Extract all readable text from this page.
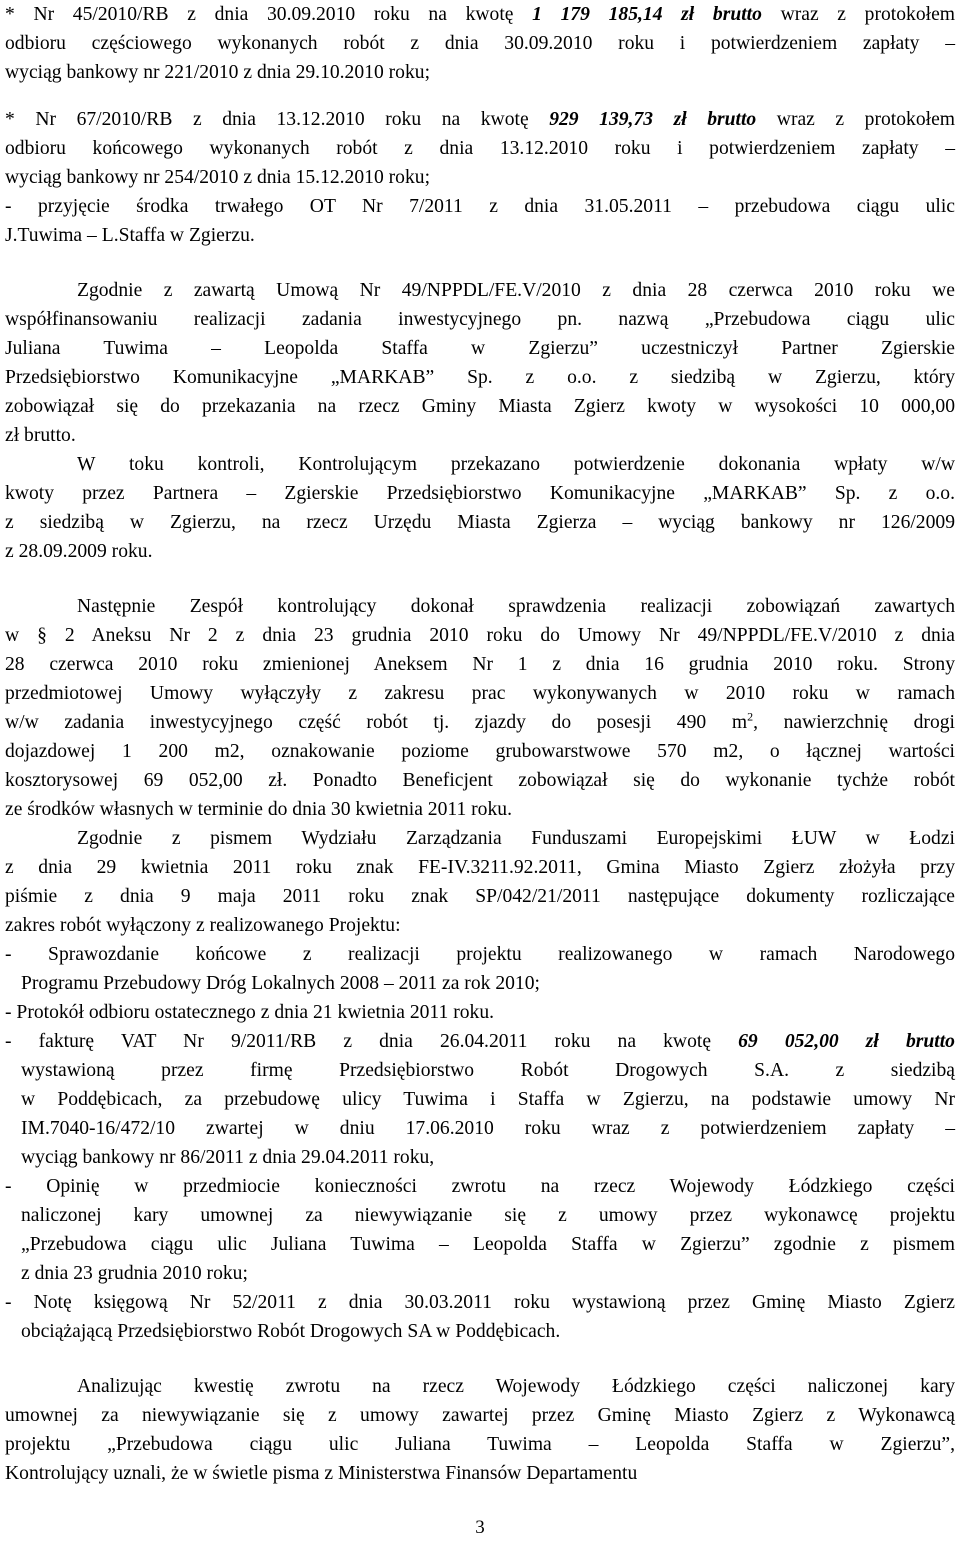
* Nr 45/2010/RB z dnia 30.09.2010 roku na kwotę 1 179 185,14 zł brutto wraz z protokołem
odbioru częściowego wykonanych robót z dnia 30.09.2010 roku i potwierdzeniem zapłaty –
wyciąg bankowy nr 221/2010 z dnia 29.10.2010 roku;
* Nr 67/2010/RB z dnia 13.12.2010 roku na kwotę 929 139,73 zł brutto wraz z protokołem
odbioru końcowego wykonanych robót z dnia 13.12.2010 roku i potwierdzeniem zapłaty –
wyciąg bankowy nr 254/2010 z dnia 15.12.2010 roku;
- przyjęcie środka trwałego OT Nr 7/2011 z dnia 31.05.2011 – przebudowa ciągu ulic
J.Tuwima – L.Staffa w Zgierzu.
Zgodnie z zawartą Umową Nr 49/NPPDL/FE.V/2010 z dnia 28 czerwca 2010 roku we
współfinansowaniu realizacji zadania inwestycyjnego pn. nazwą „Przebudowa ciągu ulic
Juliana Tuwima – Leopolda Staffa w Zgierzu” uczestniczył Partner Zgierskie
Przedsiębiorstwo Komunikacyjne „MARKAB” Sp. z o.o. z siedzibą w Zgierzu, który
zobowiązał się do przekazania na rzecz Gminy Miasta Zgierz kwoty w wysokości 10 000,00
zł brutto.
W toku kontroli, Kontrolującym przekazano potwierdzenie dokonania wpłaty w/w
kwoty przez Partnera – Zgierskie Przedsiębiorstwo Komunikacyjne „MARKAB” Sp. z o.o.
z siedzibą w Zgierzu, na rzecz Urzędu Miasta Zgierza – wyciąg bankowy nr 126/2009
z 28.09.2009 roku.
Następnie Zespół kontrolujący dokonał sprawdzenia realizacji zobowiązań zawartych
w § 2 Aneksu Nr 2 z dnia 23 grudnia 2010 roku do Umowy Nr 49/NPPDL/FE.V/2010 z dnia
28 czerwca 2010 roku zmienionej Aneksem Nr 1 z dnia 16 grudnia 2010 roku. Strony
przedmiotowej Umowy wyłączyły z zakresu prac wykonywanych w 2010 roku w ramach
w/w zadania inwestycyjnego część robót tj. zjazdy do posesji 490 $m^2$, nawierzchnię drogi
dojazdowej 1 200 m2, oznakowanie poziome grubowarstwowe 570 m2, o łącznej wartości
kosztorysowej 69 052,00 zł. Ponadto Beneficjent zobowiązał się do wykonanie tychże robót
ze środków własnych w terminie do dnia 30 kwietnia 2011 roku.
Zgodnie z pismem Wydziału Zarządzania Funduszami Europejskimi ŁUW w Łodzi
z dnia 29 kwietnia 2011 roku znak FE-IV.3211.92.2011, Gmina Miasto Zgierz złożyła przy
piśmie z dnia 9 maja 2011 roku znak SP/042/21/2011 następujące dokumenty rozliczające
zakres robót wyłączony z realizowanego Projektu:
- Sprawozdanie końcowe z realizacji projektu realizowanego w ramach Narodowego
Programu Przebudowy Dróg Lokalnych 2008 – 2011 za rok 2010;
- Protokół odbioru ostatecznego z dnia 21 kwietnia 2011 roku.
- fakturę VAT Nr 9/2011/RB z dnia 26.04.2011 roku na kwotę 69 052,00 zł brutto
wystawioną przez firmę Przedsiębiorstwo Robót Drogowych S.A. z siedzibą
w Poddębicach, za przebudowę ulicy Tuwima i Staffa w Zgierzu, na podstawie umowy Nr
IM.7040-16/472/10 zwartej w dniu 17.06.2010 roku wraz z potwierdzeniem zapłaty –
wyciąg bankowy nr 86/2011 z dnia 29.04.2011 roku,
- Opinię w przedmiocie konieczności zwrotu na rzecz Wojewody Łódzkiego części
naliczonej kary umownej za niewywiązanie się z umowy przez wykonawcę projektu
„Przebudowa ciągu ulic Juliana Tuwima – Leopolda Staffa w Zgierzu” zgodnie z pismem
z dnia 23 grudnia 2010 roku;
- Notę księgową Nr 52/2011 z dnia 30.03.2011 roku wystawioną przez Gminę Miasto Zgierz
obciążającą Przedsiębiorstwo Robót Drogowych SA w Poddębicach.
Analizując kwestię zwrotu na rzecz Wojewody Łódzkiego części naliczonej kary
umownej za niewywiązanie się z umowy zawartej przez Gminę Miasto Zgierz z Wykonawcą
projektu „Przebudowa ciągu ulic Juliana Tuwima – Leopolda Staffa w Zgierzu”,
Kontrolujący uznali, że w świetle pisma z Ministerstwa Finansów Departamentu
3
